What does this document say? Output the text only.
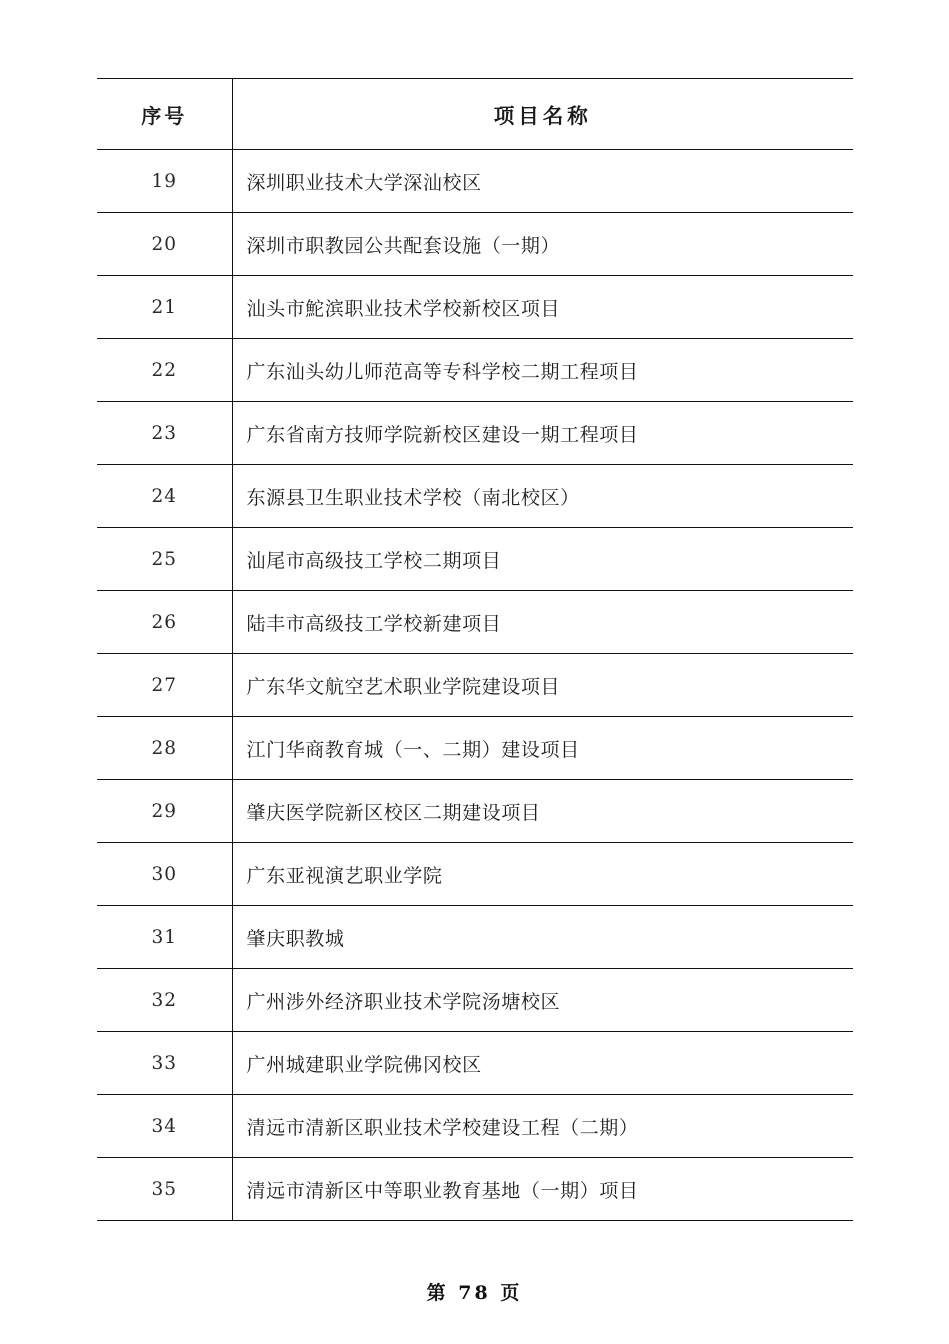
序号	项目名称

19	深圳职业技术大学深汕校区

20	深圳市职教园公共配套设施（一期）

21	汕头市鮀滨职业技术学校新校区项目

22	广东汕头幼儿师范高等专科学校二期工程项目

23	广东省南方技师学院新校区建设一期工程项目

24	东源县卫生职业技术学校（南北校区）

25	汕尾市高级技工学校二期项目

26	陆丰市高级技工学校新建项目

27	广东华文航空艺术职业学院建设项目

28	江门华商教育城（一、二期）建设项目

29	肇庆医学院新区校区二期建设项目

30	广东亚视演艺职业学院

31	肇庆职教城

32	广州涉外经济职业技术学院汤塘校区

33	广州城建职业学院佛冈校区

34	清远市清新区职业技术学校建设工程（二期）

35	清远市清新区中等职业教育基地（一期）项目
第 78 页
